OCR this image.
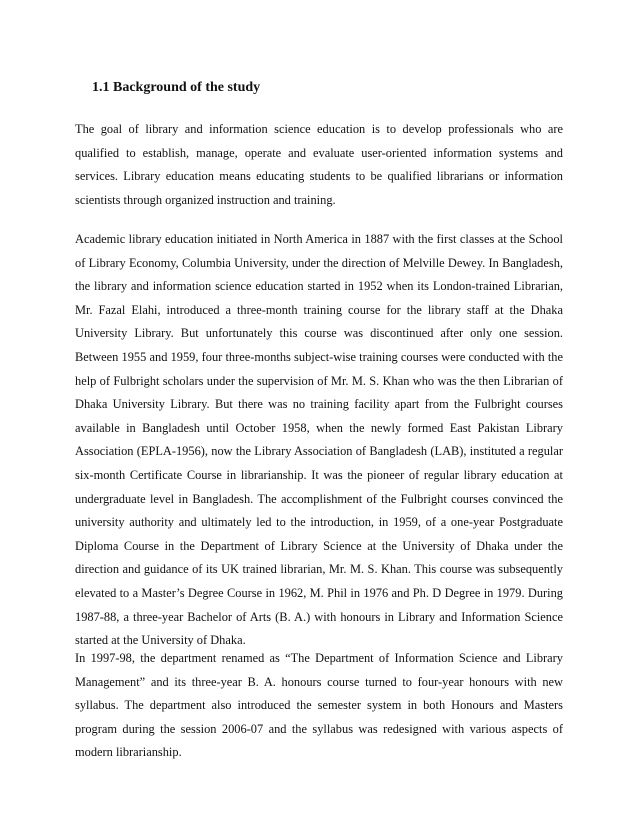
1.1 Background of the study

The goal of library and information science education is to develop professionals who are qualified to establish, manage, operate and evaluate user-oriented information systems and services. Library education means educating students to be qualified librarians or information scientists through organized instruction and training.

Academic library education initiated in North America in 1887 with the first classes at the School of Library Economy, Columbia University, under the direction of Melville Dewey. In Bangladesh, the library and information science education started in 1952 when its London-trained Librarian, Mr. Fazal Elahi, introduced a three-month training course for the library staff at the Dhaka University Library. But unfortunately this course was discontinued after only one session. Between 1955 and 1959, four three-months subject-wise training courses were conducted with the help of Fulbright scholars under the supervision of Mr. M. S. Khan who was the then Librarian of Dhaka University Library. But there was no training facility apart from the Fulbright courses available in Bangladesh until October 1958, when the newly formed East Pakistan Library Association (EPLA-1956), now the Library Association of Bangladesh (LAB), instituted a regular six-month Certificate Course in librarianship. It was the pioneer of regular library education at undergraduate level in Bangladesh. The accomplishment of the Fulbright courses convinced the university authority and ultimately led to the introduction, in 1959, of a one-year Postgraduate Diploma Course in the Department of Library Science at the University of Dhaka under the direction and guidance of its UK trained librarian, Mr. M. S. Khan. This course was subsequently elevated to a Master’s Degree Course in 1962, M. Phil in 1976 and Ph. D Degree in 1979. During 1987-88, a three-year Bachelor of Arts (B. A.) with honours in Library and Information Science started at the University of Dhaka.

In 1997-98, the department renamed as “The Department of Information Science and Library Management” and its three-year B. A. honours course turned to four-year honours with new syllabus. The department also introduced the semester system in both Honours and Masters program during the session 2006-07 and the syllabus was redesigned with various aspects of modern librarianship.
